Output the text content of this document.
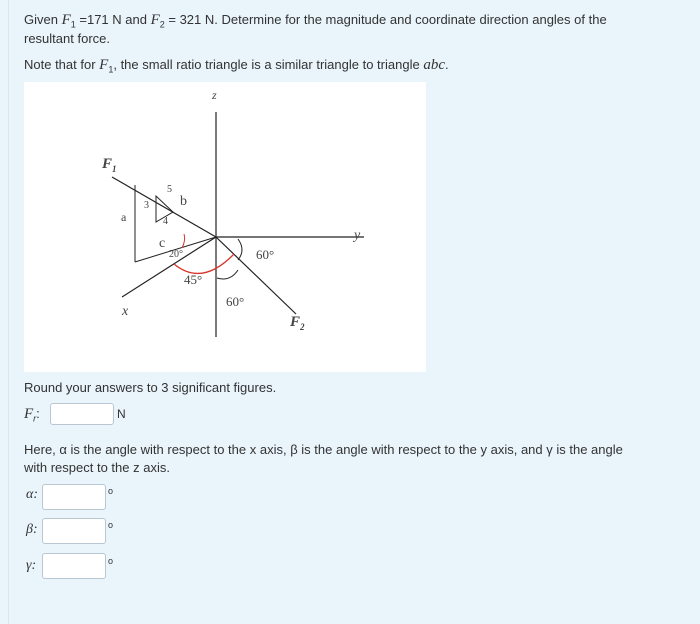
Given $F_1 =171$ N and $F_2 = 321$ N. Determine for the magnitude and coordinate direction angles of the
resultant force.
Note that for $F_1$, the small ratio triangle is a similar triangle to triangle abc.
z
y
x
$F_1$
$F_2$
a
b
c
3
4
5
20°
45°
60°
60°
Round your answers to 3 significant figures.
$F_r$:	N
Here, α is the angle with respect to the x axis, β is the angle with respect to the y axis, and γ is the angle
with respect to the z axis.
α:	o
β:	o
γ:	o
